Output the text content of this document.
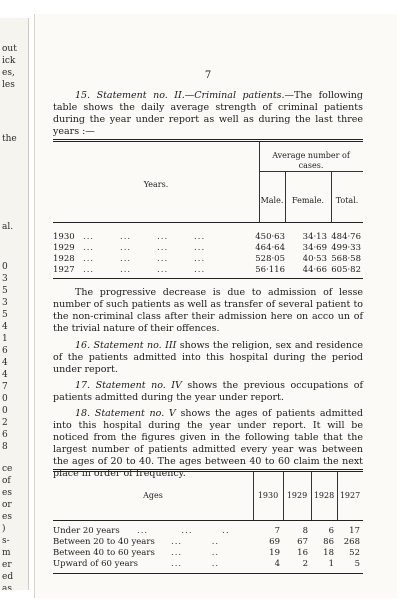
out
ick
es,
les
the
al.
0
3
5
3
5
4
1
6
4
4
7
0
0
2
6
8
ce
of
es
or
es
)
s-
m
er
ed
as
7

15. Statement no. II.—Criminal patients.—The following table shows the daily average strength of criminal patients during the year under report as well as during the last three years :—

Years.
Average number of cases.
Male.	Female.	Total.
1930 ...       ...       ...       ...	450·63	34·13 484·76
1929 ...       ...       ...       ...	464·64	34·69 499·33
1928 ...       ...       ...       ...	528·05	40·53 568·58
1927 ...       ...       ...       ...	56·116	44·66 605·82

The progressive decrease is due to admission of lesse number of such patients as well as transfer of several patient to the non-criminal class after their admission here on acco un of the trivial nature of their offences.

16. Statement no. III shows the religion, sex and residence of the patients admitted into this hospital during the period under report.

17. Statement no. IV shows the previous occupations of patients admitted during the year under report.

18. Statement no. V shows the ages of patients admitted into this hospital during the year under report. It will be noticed from the figures given in the following table that the largest number of patients admitted every year was between the ages of 20 to 40. The ages between 40 to 60 claim the next place in order of frequency.

Ages	1930	1929 1928 1927
Under 20 years ...         ...        ..	7	8	6	17
Between 20 to 40 years ...        ..	69	67	86	268
Between 40 to 60 years ...        ..	19	16	18	52
Upward of 60 years	...        ..	4	2	1	5
